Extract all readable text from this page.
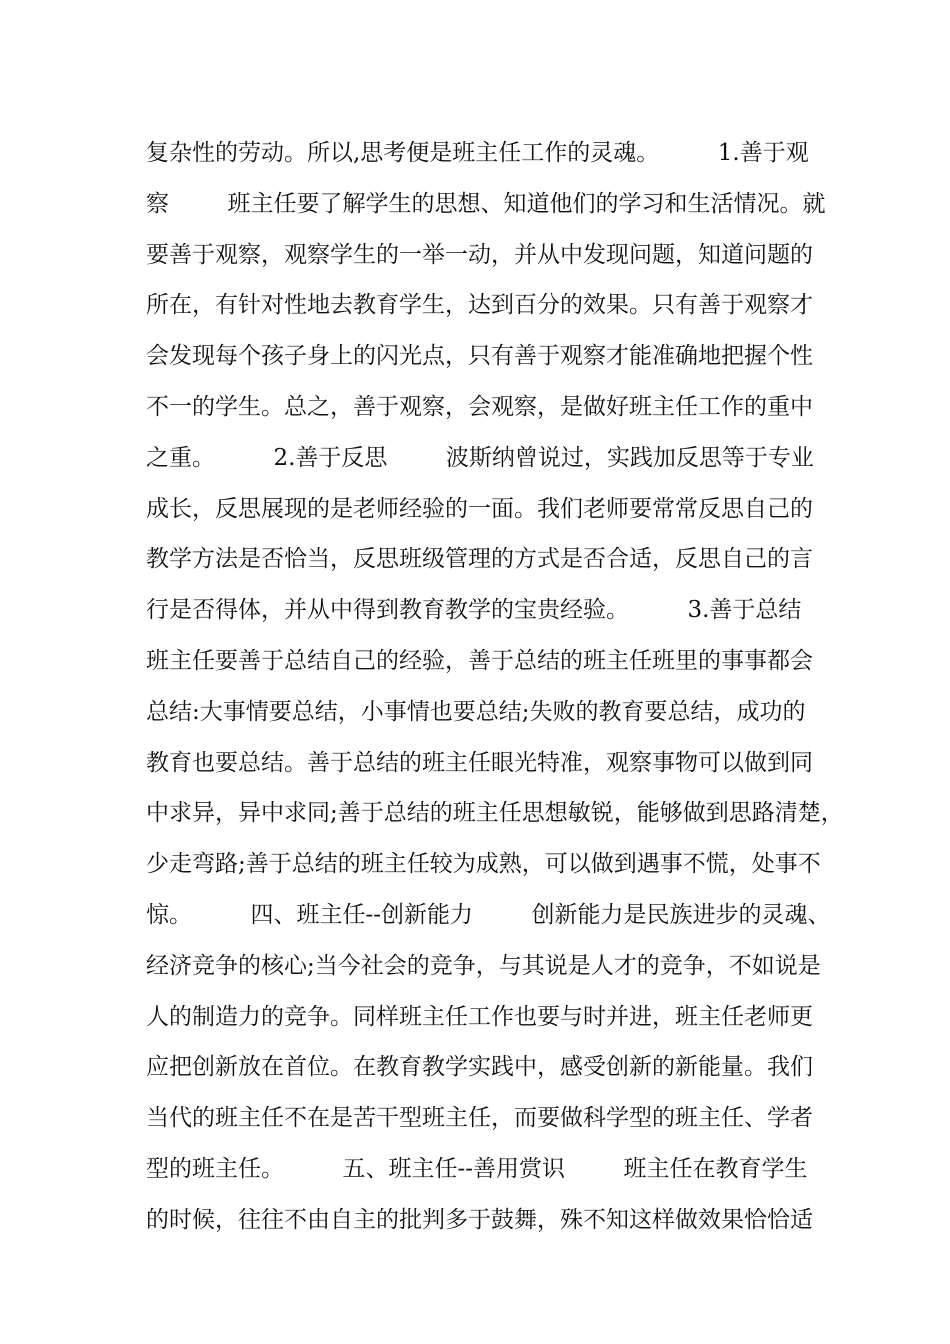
复杂性的劳动。所以,思考便是班主任工作的灵魂。        1.善于观
察        班主任要了解学生的思想、知道他们的学习和生活情况。就
要善于观察，观察学生的一举一动，并从中发现问题，知道问题的
所在，有针对性地去教育学生，达到百分的效果。只有善于观察才
会发现每个孩子身上的闪光点，只有善于观察才能准确地把握个性
不一的学生。总之，善于观察，会观察，是做好班主任工作的重中
之重。        2.善于反思        波斯纳曾说过，实践加反思等于专业
成长，反思展现的是老师经验的一面。我们老师要常常反思自己的
教学方法是否恰当，反思班级管理的方式是否合适，反思自己的言
行是否得体，并从中得到教育教学的宝贵经验。        3.善于总结
班主任要善于总结自己的经验，善于总结的班主任班里的事事都会
总结:大事情要总结，小事情也要总结;失败的教育要总结，成功的
教育也要总结。善于总结的班主任眼光特准，观察事物可以做到同
中求异，异中求同;善于总结的班主任思想敏锐，能够做到思路清楚，
少走弯路;善于总结的班主任较为成熟，可以做到遇事不慌，处事不
惊。        四、班主任--创新能力        创新能力是民族进步的灵魂、
经济竞争的核心;当今社会的竞争，与其说是人才的竞争，不如说是
人的制造力的竞争。同样班主任工作也要与时并进，班主任老师更
应把创新放在首位。在教育教学实践中，感受创新的新能量。我们
当代的班主任不在是苦干型班主任，而要做科学型的班主任、学者
型的班主任。        五、班主任--善用赏识        班主任在教育学生
的时候，往往不由自主的批判多于鼓舞，殊不知这样做效果恰恰适
